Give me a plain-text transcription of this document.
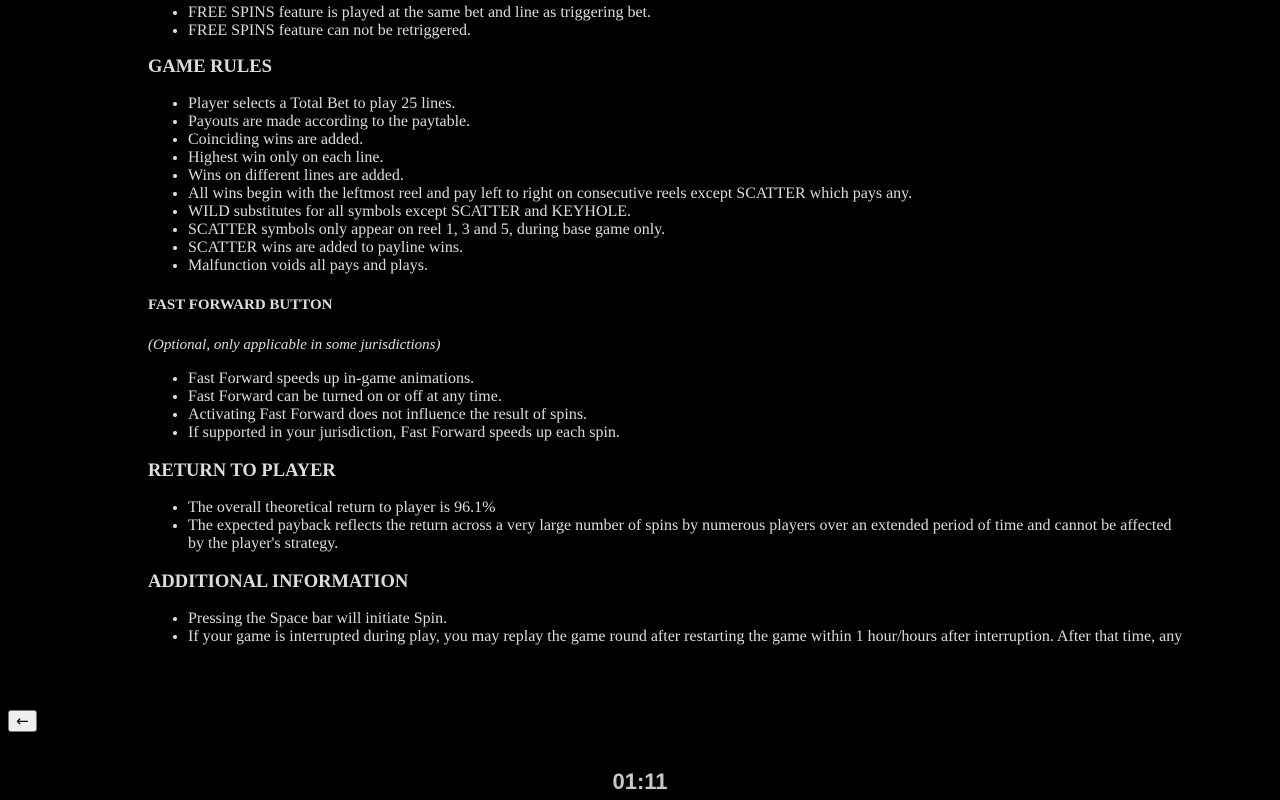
• FREE SPINS feature is played at the same bet and line as triggering bet.
• FREE SPINS feature can not be retriggered.
GAME RULES
• Player selects a Total Bet to play 25 lines.
• Payouts are made according to the paytable.
• Coinciding wins are added.
• Highest win only on each line.
• Wins on different lines are added.
• All wins begin with the leftmost reel and pay left to right on consecutive reels except SCATTER which pays any.
• WILD substitutes for all symbols except SCATTER and KEYHOLE.
• SCATTER symbols only appear on reel 1, 3 and 5, during base game only.
• SCATTER wins are added to payline wins.
• Malfunction voids all pays and plays.
FAST FORWARD BUTTON

(Optional, only applicable in some jurisdictions)

• Fast Forward speeds up in-game animations.
• Fast Forward can be turned on or off at any time.
• Activating Fast Forward does not influence the result of spins.
• If supported in your jurisdiction, Fast Forward speeds up each spin.
RETURN TO PLAYER
• The overall theoretical return to player is 96.1%
• The expected payback reflects the return across a very large number of spins by numerous players over an extended period of time and cannot be affected by the player's strategy.
ADDITIONAL INFORMATION
• Pressing the Space bar will initiate Spin.
• If your game is interrupted during play, you may replay the game round after restarting the game within 1 hour/hours after interruption. After that time, any
←
01:11
